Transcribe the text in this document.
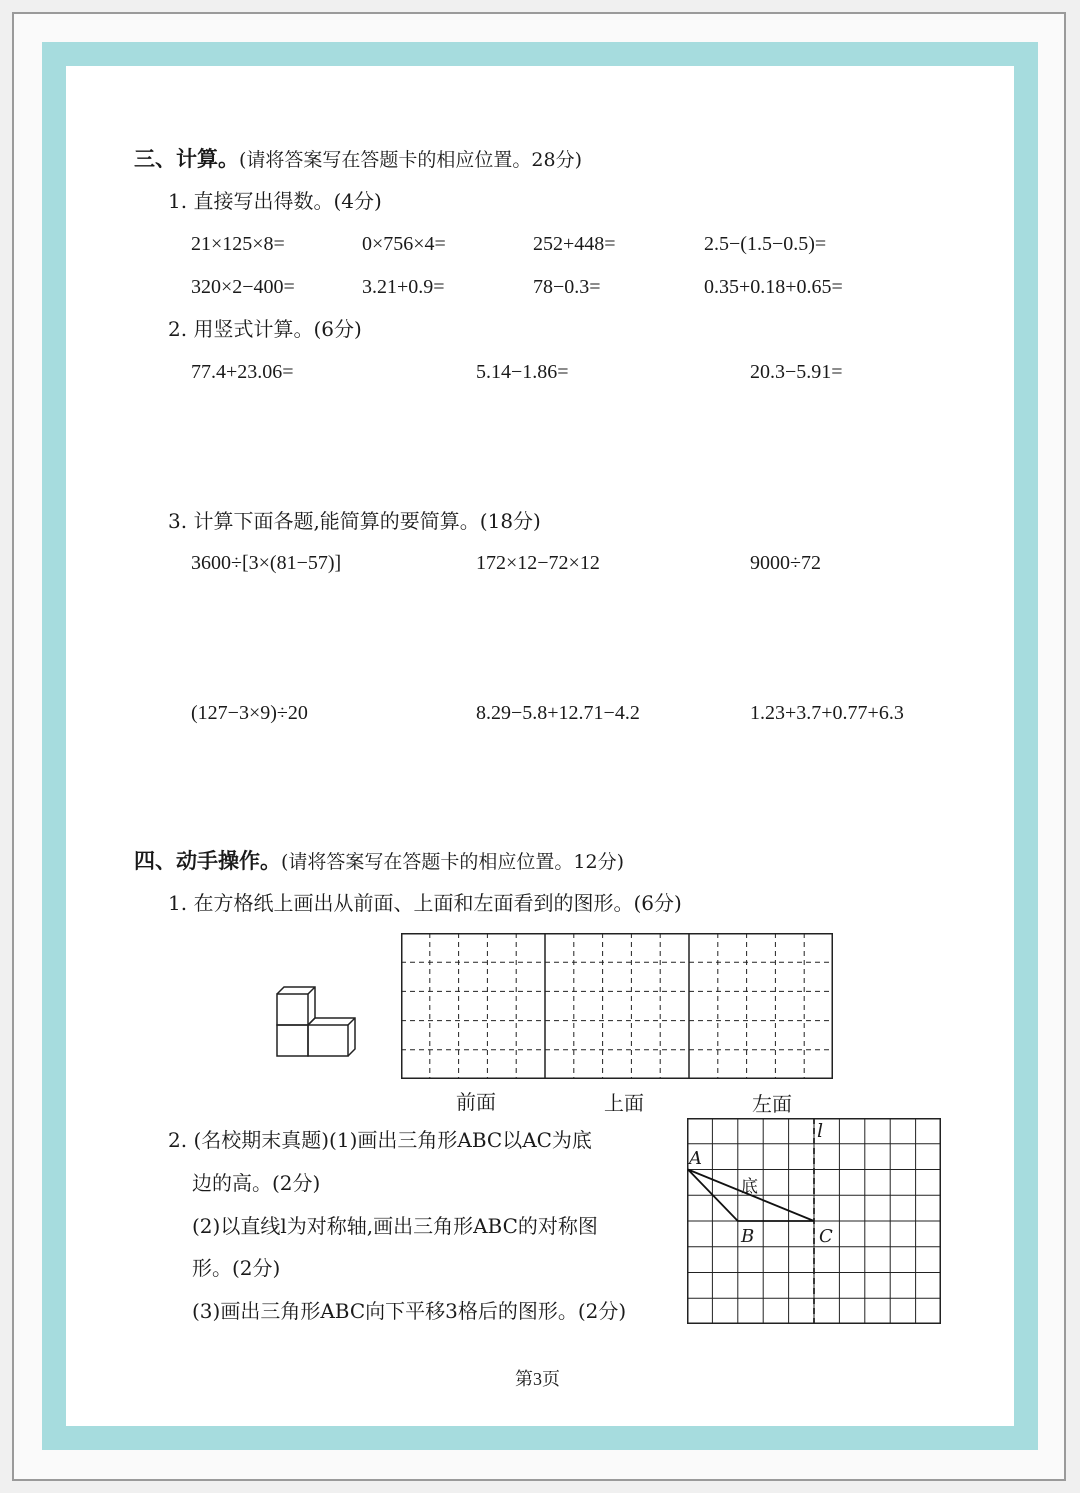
三、计算。(请将答案写在答题卡的相应位置。28分)
1. 直接写出得数。(4分)
21×125×8=	0×756×4=	252+448=	2.5−(1.5−0.5)=
320×2−400=	3.21+0.9=	78−0.3=	0.35+0.18+0.65=
2. 用竖式计算。(6分)
77.4+23.06=	5.14−1.86=	20.3−5.91=
3. 计算下面各题,能简算的要简算。(18分)
3600÷[3×(81−57)]	172×12−72×12	9000÷72
(127−3×9)÷20	8.29−5.8+12.71−4.2	1.23+3.7+0.77+6.3
四、动手操作。(请将答案写在答题卡的相应位置。12分)
1. 在方格纸上画出从前面、上面和左面看到的图形。(6分)
前面	上面	左面
2. (名校期末真题)(1)画出三角形ABC以AC为底
边的高。(2分)
(2)以直线l为对称轴,画出三角形ABC的对称图
形。(2分)
(3)画出三角形ABC向下平移3格后的图形。(2分)
A
B	C
底
l
第3页
